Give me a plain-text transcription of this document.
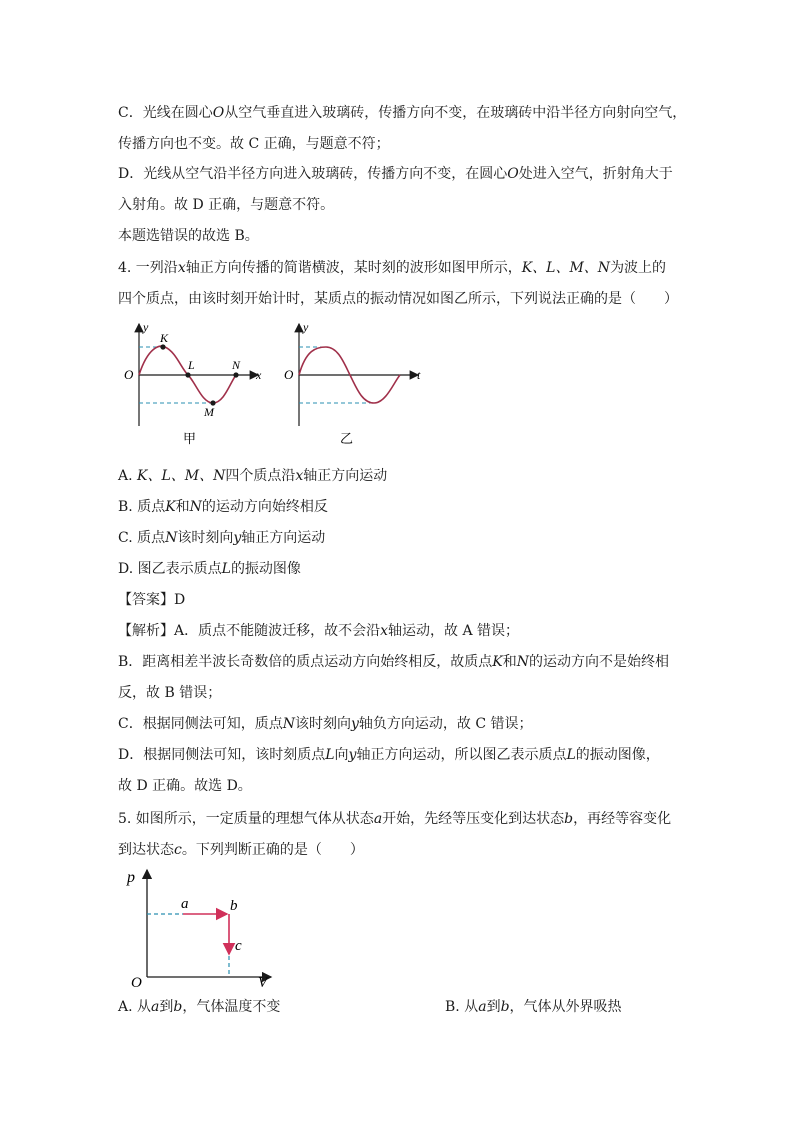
C．光线在圆心O从空气垂直进入玻璃砖，传播方向不变，在玻璃砖中沿半径方向射向空气，
传播方向也不变。故 C 正确，与题意不符；
D．光线从空气沿半径方向进入玻璃砖，传播方向不变，在圆心O处进入空气，折射角大于
入射角。故 D 正确，与题意不符。
本题选错误的故选 B。
4. 一列沿x轴正方向传播的简谐横波，某时刻的波形如图甲所示，K、L、M、N为波上的
四个质点，由该时刻开始计时，某质点的振动情况如图乙所示，下列说法正确的是（　　）
y
x
O
K
L
M
N
甲
y
t
O
乙
A. K、L、M、N四个质点沿x轴正方向运动
B. 质点K和N的运动方向始终相反
C. 质点N该时刻向y轴正方向运动
D. 图乙表示质点L的振动图像
【答案】D
【解析】A．质点不能随波迁移，故不会沿x轴运动，故 A 错误；
B．距离相差半波长奇数倍的质点运动方向始终相反，故质点K和N的运动方向不是始终相
反，故 B 错误；
C．根据同侧法可知，质点N该时刻向y轴负方向运动，故 C 错误；
D．根据同侧法可知，该时刻质点L向y轴正方向运动，所以图乙表示质点L的振动图像，
故 D 正确。故选 D。
5. 如图所示，一定质量的理想气体从状态a开始，先经等压变化到达状态b，再经等容变化
到达状态c。下列判断正确的是（　　）
p
V
O
a	b
c
A. 从a到b，气体温度不变	B. 从a到b，气体从外界吸热
